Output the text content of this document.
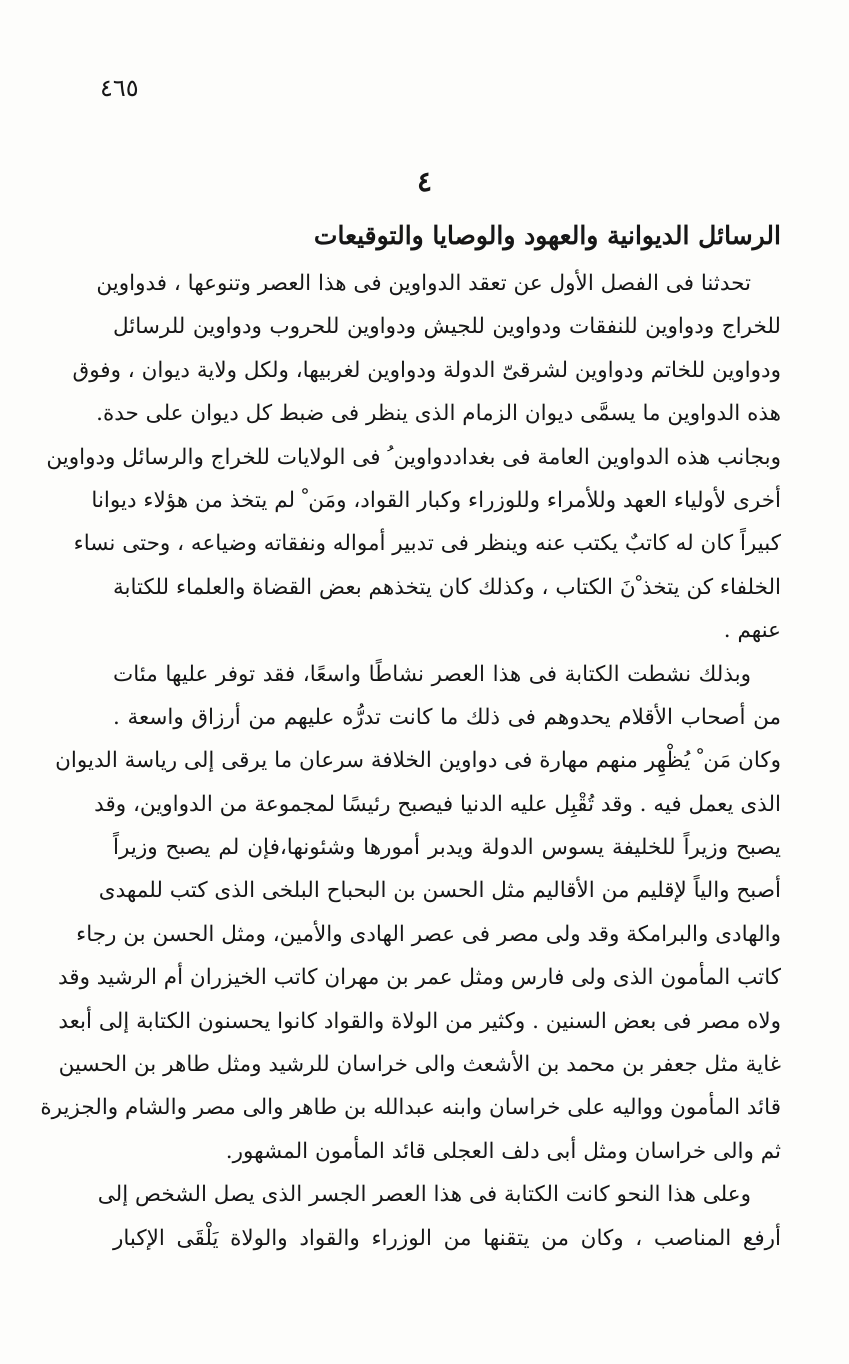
٤٦٥
٤
الرسائل الديوانية والعهود والوصايا والتوقيعات
تحدثنا فى الفصل الأول عن تعقد الدواوين فى هذا العصر وتنوعها ، فدواوين
للخراج ودواوين للنفقات ودواوين للجيش ودواوين للحروب ودواوين للرسائل
ودواوين للخاتم ودواوين لشرقىّ الدولة ودواوين لغربيها، ولكل ولاية ديوان ، وفوق
هذه الدواوين ما يسمَّى ديوان الزمام الذى ينظر فى ضبط كل ديوان على حدة.
وبجانب هذه الدواوين العامة فى بغداددواوين ُ فى الولايات للخراج والرسائل ودواوين
أخرى لأولياء العهد وللأمراء وللوزراء وكبار القواد، ومَن ْ لم يتخذ من هؤلاء ديوانا
كبيراً كان له كاتبٌ يكتب عنه وينظر فى تدبير أمواله ونفقاته وضياعه ، وحتى نساء
الخلفاء كن يتخذ ْنَ الكتاب ، وكذلك كان يتخذهم بعض القضاة والعلماء للكتابة
عنهم .
وبذلك نشطت الكتابة فى هذا العصر نشاطًا واسعًا، فقد توفر عليها مئات
من أصحاب الأقلام يحدوهم فى ذلك ما كانت تدرُّه عليهم من أرزاق واسعة .
وكان مَن ْ يُظْهِر منهم مهارة فى دواوين الخلافة سرعان ما يرقى إلى رياسة الديوان
الذى يعمل فيه . وقد تُقْبِل عليه الدنيا فيصبح رئيسًا لمجموعة من الدواوين، وقد
يصبح وزيراً للخليفة يسوس الدولة ويدبر أمورها وشئونها،فإن لم يصبح وزيراً
أصبح والياً لإقليم من الأقاليم مثل الحسن بن البحباح البلخى الذى كتب للمهدى
والهادى والبرامكة وقد ولى مصر فى عصر الهادى والأمين، ومثل الحسن بن رجاء
كاتب المأمون الذى ولى فارس ومثل عمر بن مهران كاتب الخيزران أم الرشيد وقد
ولاه مصر فى بعض السنين . وكثير من الولاة والقواد كانوا يحسنون الكتابة إلى أبعد
غاية مثل جعفر بن محمد بن الأشعث والى خراسان للرشيد ومثل طاهر بن الحسين
قائد المأمون وواليه على خراسان وابنه عبدالله بن طاهر والى مصر والشام والجزيرة
ثم والى خراسان ومثل أبى دلف العجلى قائد المأمون المشهور.
وعلى هذا النحو كانت الكتابة فى هذا العصر الجسر الذى يصل الشخص إلى
أرفع المناصب ، وكان من يتقنها من الوزراء والقواد والولاة يَلْقَى الإكبار
